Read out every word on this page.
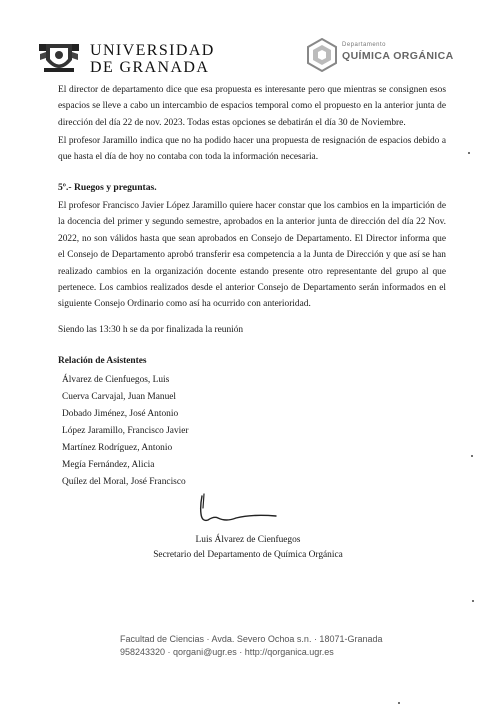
UNIVERSIDAD
DE GRANADA
Departamento
QUÍMICA ORGÁNICA

El director de departamento dice que esa propuesta es interesante pero que mientras se consignen esos espacios se lleve a cabo un intercambio de espacios temporal como el propuesto en la anterior junta de dirección del día 22 de nov. 2023. Todas estas opciones se debatirán el día 30 de Noviembre.

El profesor Jaramillo indica que no ha podido hacer una propuesta de resignación de espacios debido a que hasta el día de hoy no contaba con toda la información necesaria.

5º.- Ruegos y preguntas.

El profesor Francisco Javier López Jaramillo quiere hacer constar que los cambios en la impartición de la docencia del primer y segundo semestre, aprobados en la anterior junta de dirección del día 22 Nov. 2022, no son válidos hasta que sean aprobados en Consejo de Departamento. El Director informa que el Consejo de Departamento aprobó transferir esa competencia a la Junta de Dirección y que así se han realizado cambios en la organización docente estando presente otro representante del grupo al que pertenece. Los cambios realizados desde el anterior Consejo de Departamento serán informados en el siguiente Consejo Ordinario como así ha ocurrido con anterioridad.

Siendo las 13:30 h se da por finalizada la reunión
Relación de Asistentes
Álvarez de Cienfuegos, Luis
Cuerva Carvajal, Juan Manuel
Dobado Jiménez, José Antonio
López Jaramillo, Francisco Javier
Martínez Rodríguez, Antonio
Megía Fernández, Alicia
Quílez del Moral, José Francisco
Luis Álvarez de Cienfuegos
Secretario del Departamento de Química Orgánica
Facultad de Ciencias · Avda. Severo Ochoa s.n. · 18071-Granada
958243320 · qorgani@ugr.es · http://qorganica.ugr.es
